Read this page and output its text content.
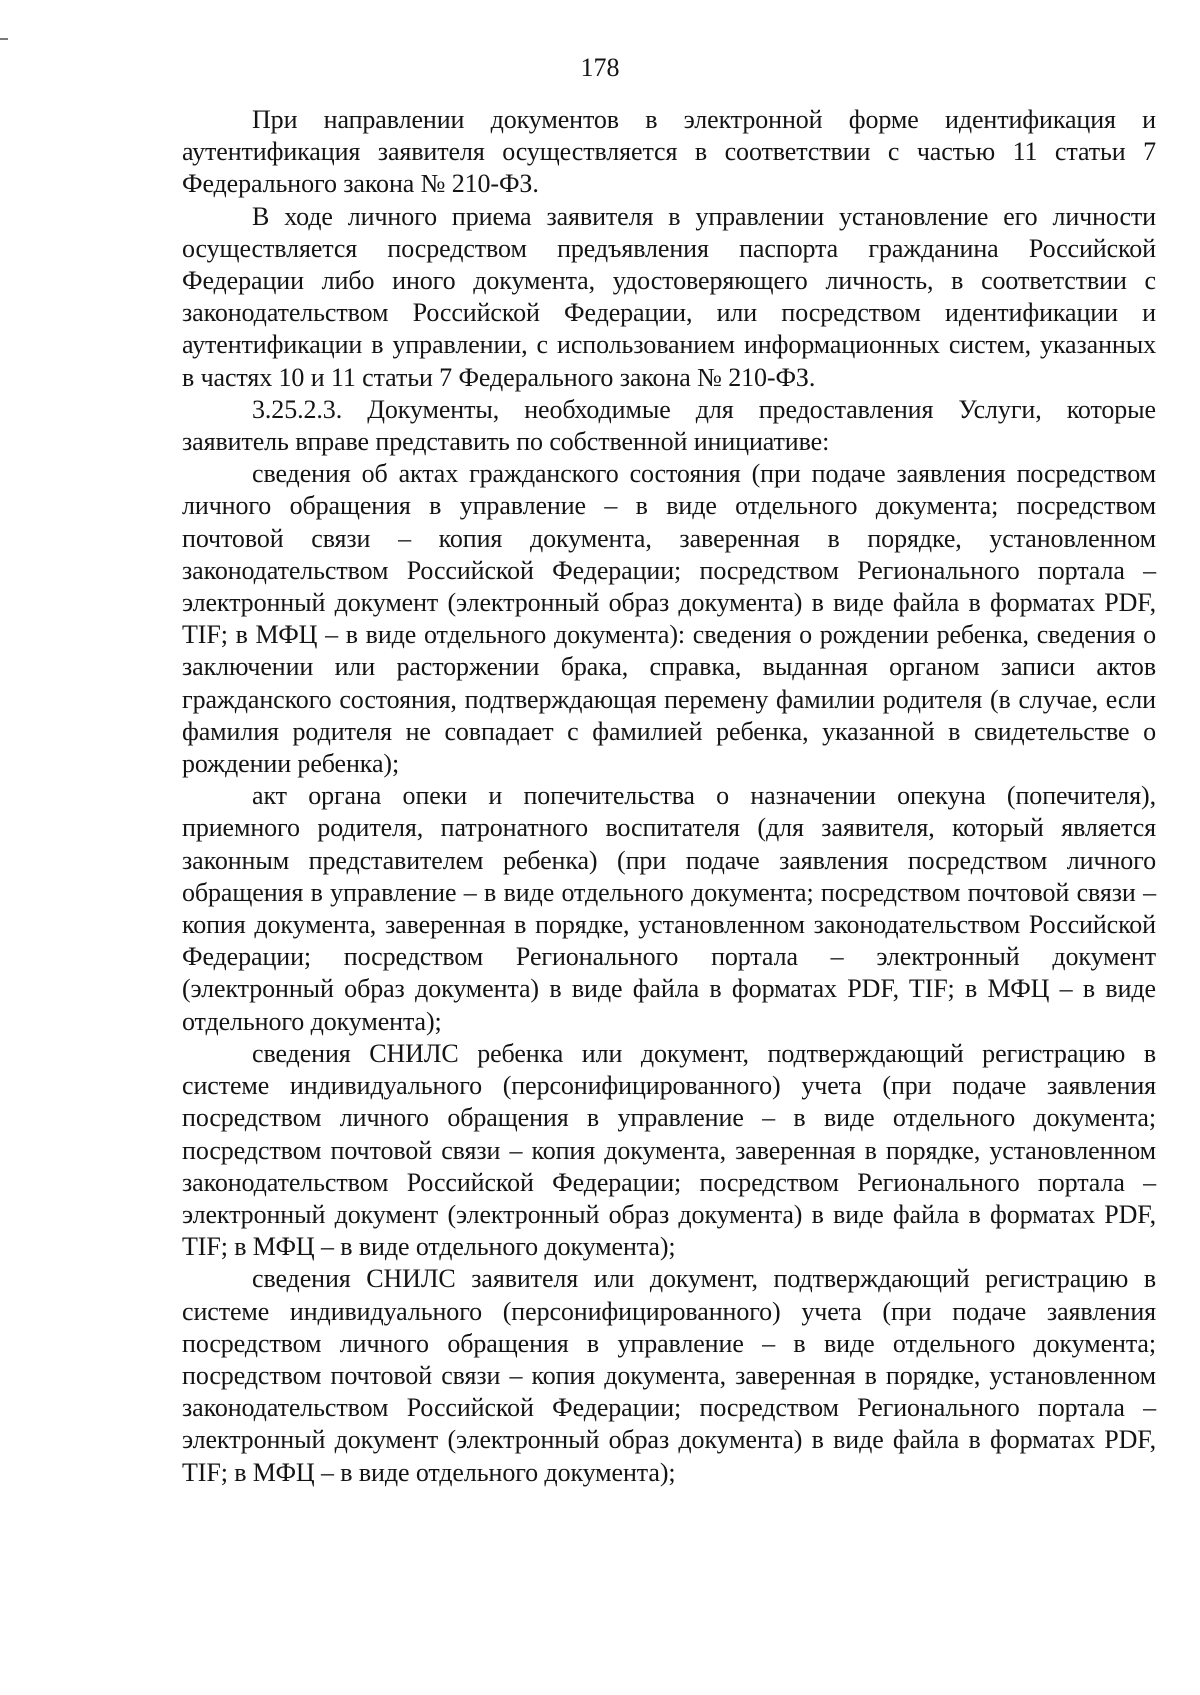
178

При направлении документов в электронной форме идентификация и аутентификация заявителя осуществляется в соответствии с частью 11 статьи 7 Федерального закона № 210-ФЗ.

В ходе личного приема заявителя в управлении установление его личности осуществляется посредством предъявления паспорта гражданина Российской Федерации либо иного документа, удостоверяющего личность, в соответствии с законодательством Российской Федерации, или посредством идентификации и аутентификации в управлении, с использованием информационных систем, указанных в частях 10 и 11 статьи 7 Федерального закона № 210-ФЗ.

3.25.2.3. Документы, необходимые для предоставления Услуги, которые заявитель вправе представить по собственной инициативе:

сведения об актах гражданского состояния (при подаче заявления посредством личного обращения в управление – в виде отдельного документа; посредством почтовой связи – копия документа, заверенная в порядке, установленном законодательством Российской Федерации; посредством Регионального портала – электронный документ (электронный образ документа) в виде файла в форматах PDF, TIF; в МФЦ – в виде отдельного документа): сведения о рождении ребенка, сведения о заключении или расторжении брака, справка, выданная органом записи актов гражданского состояния, подтверждающая перемену фамилии родителя (в случае, если фамилия родителя не совпадает с фамилией ребенка, указанной в свидетельстве о рождении ребенка);

акт органа опеки и попечительства о назначении опекуна (попечителя), приемного родителя, патронатного воспитателя (для заявителя, который является законным представителем ребенка) (при подаче заявления посредством личного обращения в управление – в виде отдельного документа; посредством почтовой связи – копия документа, заверенная в порядке, установленном законодательством Российской Федерации; посредством Регионального портала – электронный документ (электронный образ документа) в виде файла в форматах PDF, TIF; в МФЦ – в виде отдельного документа);

сведения СНИЛС ребенка или документ, подтверждающий регистрацию в системе индивидуального (персонифицированного) учета (при подаче заявления посредством личного обращения в управление – в виде отдельного документа; посредством почтовой связи – копия документа, заверенная в порядке, установленном законодательством Российской Федерации; посредством Регионального портала – электронный документ (электронный образ документа) в виде файла в форматах PDF, TIF; в МФЦ – в виде отдельного документа);

сведения СНИЛС заявителя или документ, подтверждающий регистрацию в системе индивидуального (персонифицированного) учета (при подаче заявления посредством личного обращения в управление – в виде отдельного документа; посредством почтовой связи – копия документа, заверенная в порядке, установленном законодательством Российской Федерации; посредством Регионального портала – электронный документ (электронный образ документа) в виде файла в форматах PDF, TIF; в МФЦ – в виде отдельного документа);
